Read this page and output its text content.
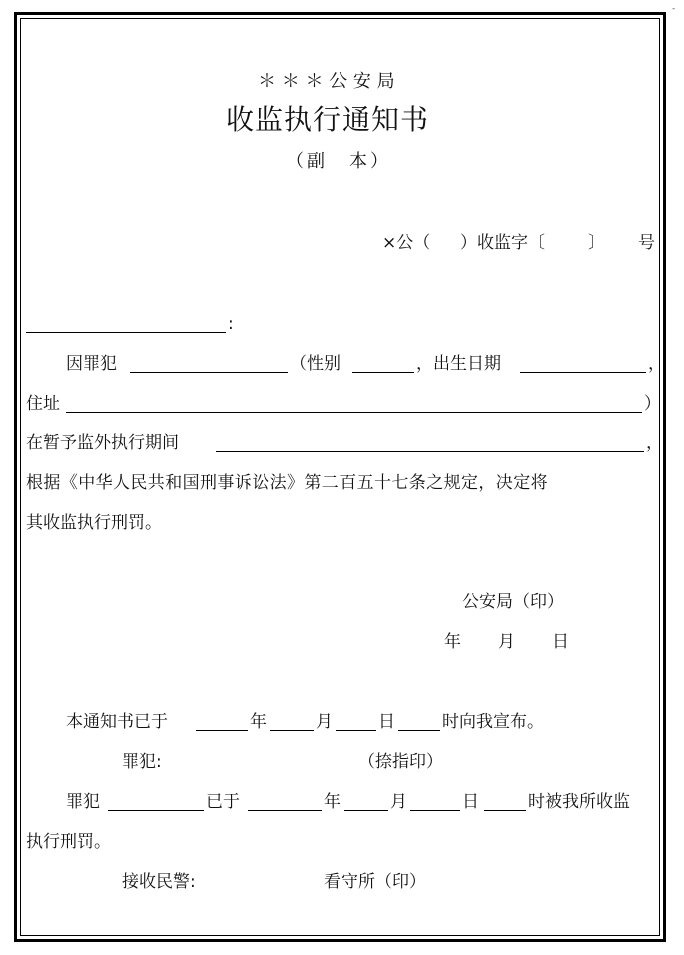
-
＊ ＊ ＊ 公 安 局
收监执行通知书
（副　本）
×公（ ）收监字〔	〕 号
:
因罪犯	（性别	，出生日期	，
住址	）
在暂予监外执行期间	，
根据《中华人民共和国刑事诉讼法》第二百五十七条之规定，决定将
其收监执行刑罚。
公安局（印）
年 月 日
本通知书已于	年	月	日	时向我宣布。
罪犯:	（捺指印）
罪犯	已于	年	月	日	时被我所收监
执行刑罚。
接收民警:	看守所（印）
